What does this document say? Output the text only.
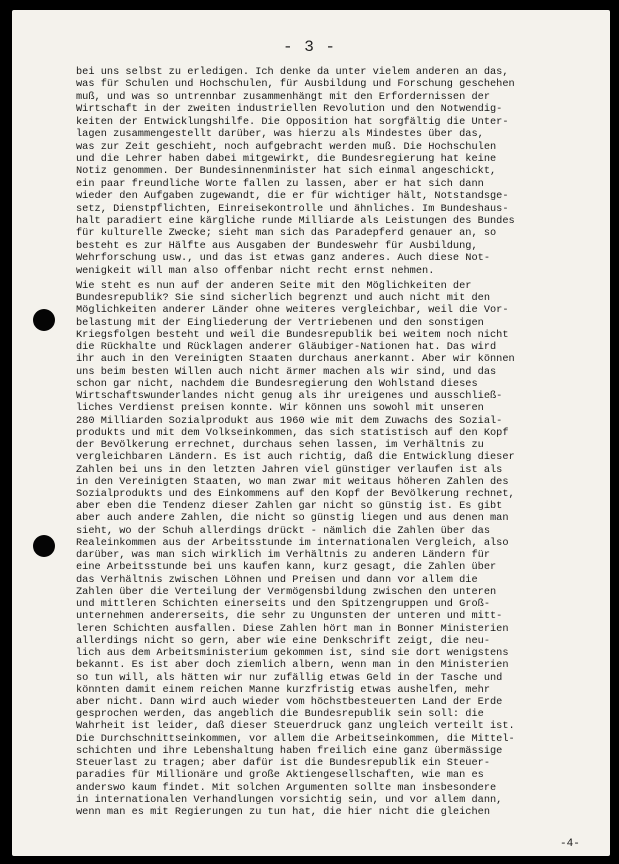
- 3 -
bei uns selbst zu erledigen. Ich denke da unter vielem anderen an das,
was für Schulen und Hochschulen, für Ausbildung und Forschung geschehen
muß, und was so untrennbar zusammenhängt mit den Erfordernissen der
Wirtschaft in der zweiten industriellen Revolution und den Notwendig-
keiten der Entwicklungshilfe. Die Opposition hat sorgfältig die Unter-
lagen zusammengestellt darüber, was hierzu als Mindestes über das,
was zur Zeit geschieht, noch aufgebracht werden muß. Die Hochschulen
und die Lehrer haben dabei mitgewirkt, die Bundesregierung hat keine
Notiz genommen. Der Bundesinnenminister hat sich einmal angeschickt,
ein paar freundliche Worte fallen zu lassen, aber er hat sich dann
wieder den Aufgaben zugewandt, die er für wichtiger hält, Notstandsge-
setz, Dienstpflichten, Einreisekontrolle und ähnliches. Im Bundeshaus-
halt paradiert eine kärgliche runde Milliarde als Leistungen des Bundes
für kulturelle Zwecke; sieht man sich das Paradepferd genauer an, so
besteht es zur Hälfte aus Ausgaben der Bundeswehr für Ausbildung,
Wehrforschung usw., und das ist etwas ganz anderes. Auch diese Not-
wenigkeit will man also offenbar nicht recht ernst nehmen.
Wie steht es nun auf der anderen Seite mit den Möglichkeiten der
Bundesrepublik? Sie sind sicherlich begrenzt und auch nicht mit den
Möglichkeiten anderer Länder ohne weiteres vergleichbar, weil die Vor-
belastung mit der Eingliederung der Vertriebenen und den sonstigen
Kriegsfolgen besteht und weil die Bundesrepublik bei weitem noch nicht
die Rückhalte und Rücklagen anderer Gläubiger-Nationen hat. Das wird
ihr auch in den Vereinigten Staaten durchaus anerkannt. Aber wir können
uns beim besten Willen auch nicht ärmer machen als wir sind, und das
schon gar nicht, nachdem die Bundesregierung den Wohlstand dieses
Wirtschaftswunderlandes nicht genug als ihr ureigenes und ausschließ-
liches Verdienst preisen konnte. Wir können uns sowohl mit unseren
280 Milliarden Sozialprodukt aus 1960 wie mit dem Zuwachs des Sozial-
produkts und mit dem Volkseinkommen, das sich statistisch auf den Kopf
der Bevölkerung errechnet, durchaus sehen lassen, im Verhältnis zu
vergleichbaren Ländern. Es ist auch richtig, daß die Entwicklung dieser
Zahlen bei uns in den letzten Jahren viel günstiger verlaufen ist als
in den Vereinigten Staaten, wo man zwar mit weitaus höheren Zahlen des
Sozialprodukts und des Einkommens auf den Kopf der Bevölkerung rechnet,
aber eben die Tendenz dieser Zahlen gar nicht so günstig ist. Es gibt
aber auch andere Zahlen, die nicht so günstig liegen und aus denen man
sieht, wo der Schuh allerdings drückt - nämlich die Zahlen über das
Realeinkommen aus der Arbeitsstunde im internationalen Vergleich, also
darüber, was man sich wirklich im Verhältnis zu anderen Ländern für
eine Arbeitsstunde bei uns kaufen kann, kurz gesagt, die Zahlen über
das Verhältnis zwischen Löhnen und Preisen und dann vor allem die
Zahlen über die Verteilung der Vermögensbildung zwischen den unteren
und mittleren Schichten einerseits und den Spitzengruppen und Groß-
unternehmen andererseits, die sehr zu Ungunsten der unteren und mitt-
leren Schichten ausfallen. Diese Zahlen hört man in Bonner Ministerien
allerdings nicht so gern, aber wie eine Denkschrift zeigt, die neu-
lich aus dem Arbeitsministerium gekommen ist, sind sie dort wenigstens
bekannt. Es ist aber doch ziemlich albern, wenn man in den Ministerien
so tun will, als hätten wir nur zufällig etwas Geld in der Tasche und
könnten damit einem reichen Manne kurzfristig etwas aushelfen, mehr
aber nicht. Dann wird auch wieder vom höchstbesteuerten Land der Erde
gesprochen werden, das angeblich die Bundesrepublik sein soll: die
Wahrheit ist leider, daß dieser Steuerdruck ganz ungleich verteilt ist.
Die Durchschnittseinkommen, vor allem die Arbeitseinkommen, die Mittel-
schichten und ihre Lebenshaltung haben freilich eine ganz übermässige
Steuerlast zu tragen; aber dafür ist die Bundesrepublik ein Steuer-
paradies für Millionäre und große Aktiengesellschaften, wie man es
anderswo kaum findet. Mit solchen Argumenten sollte man insbesondere
in internationalen Verhandlungen vorsichtig sein, und vor allem dann,
wenn man es mit Regierungen zu tun hat, die hier nicht die gleichen
-4-
